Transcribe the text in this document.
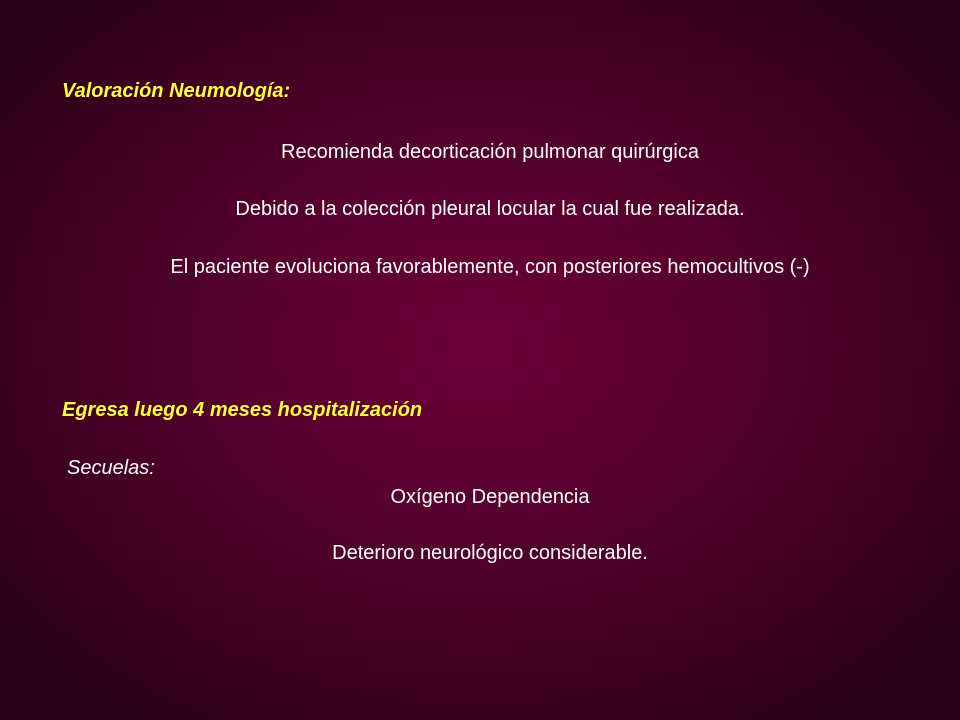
Valoración Neumología:
Recomienda decorticación pulmonar quirúrgica
Debido a la colección pleural locular la cual fue realizada.
El paciente evoluciona favorablemente, con posteriores hemocultivos (-)
Egresa luego 4 meses hospitalización
Secuelas:
Oxígeno Dependencia
Deterioro neurológico considerable.
